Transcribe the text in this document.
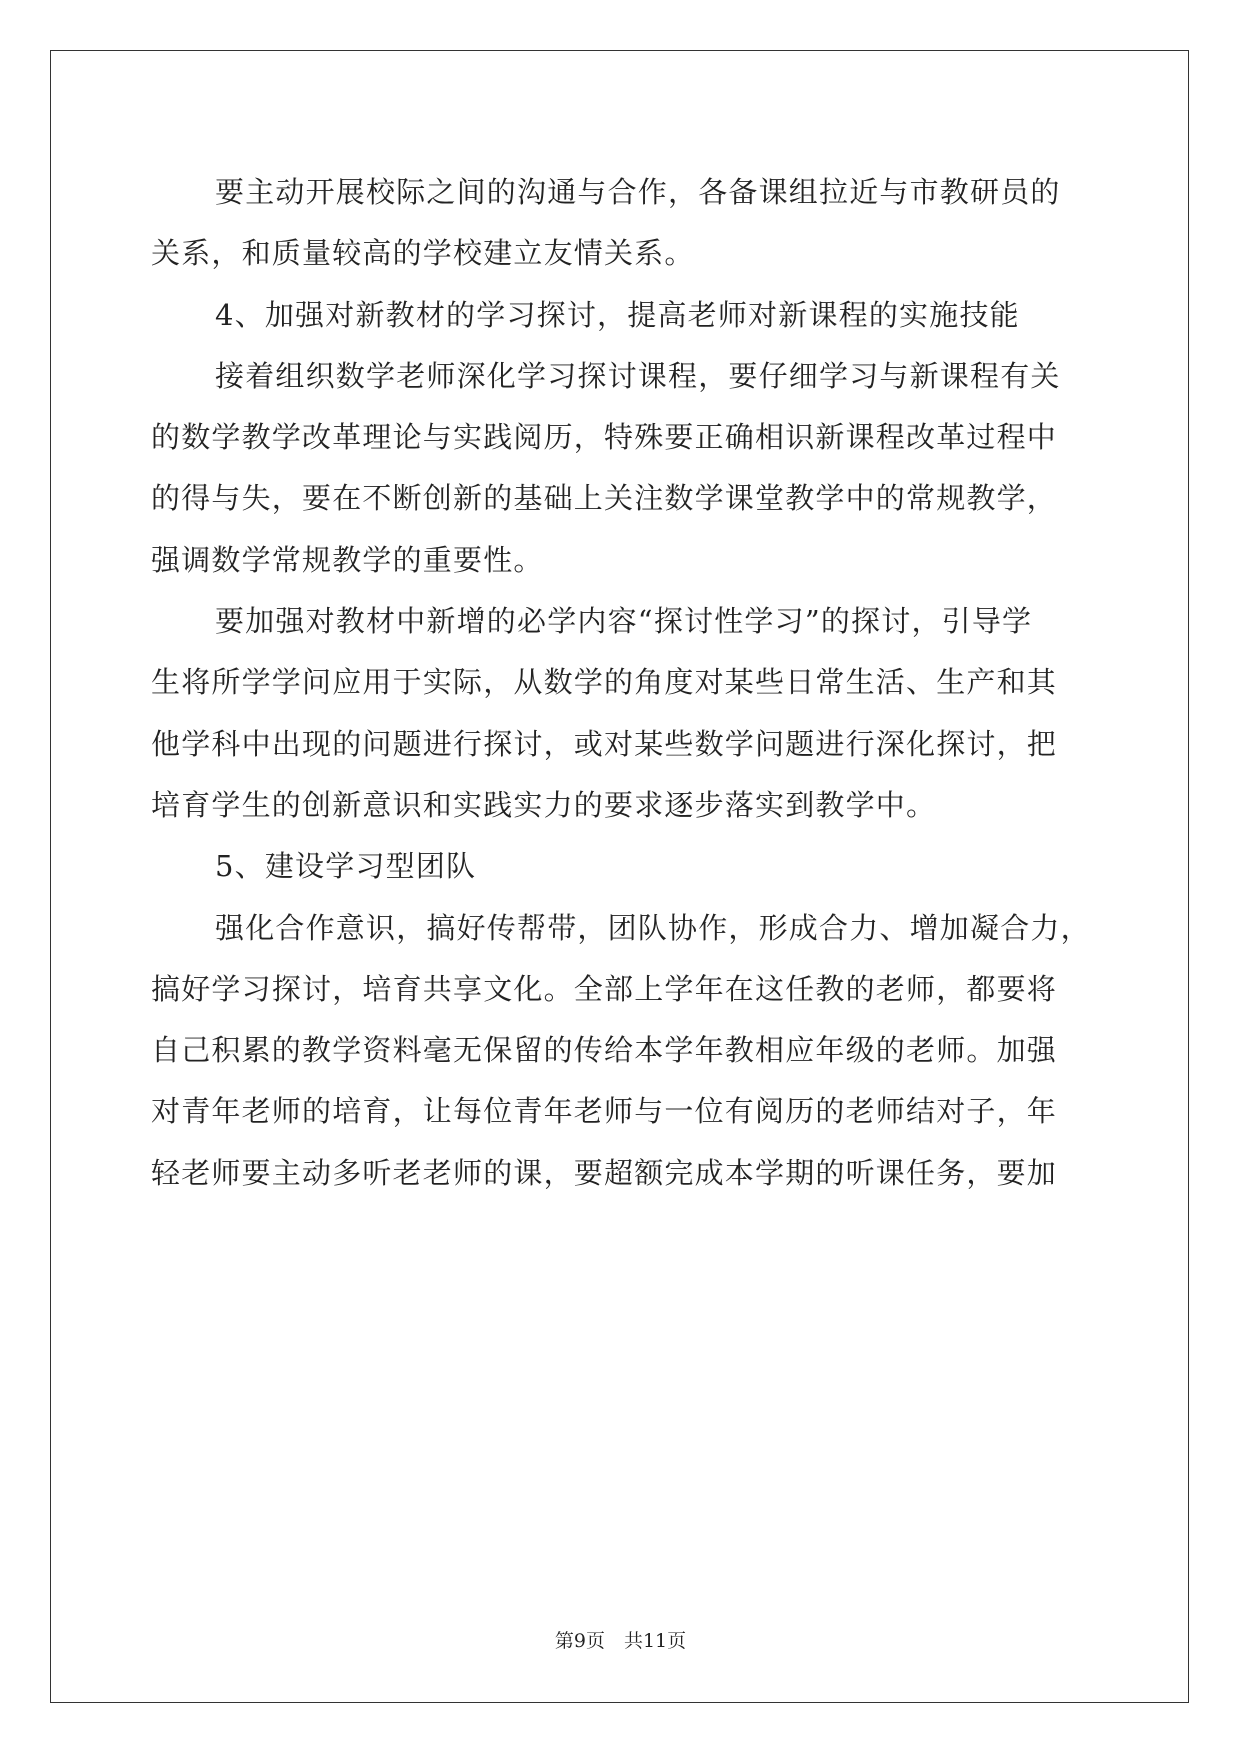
要主动开展校际之间的沟通与合作，各备课组拉近与市教研员的
关系，和质量较高的学校建立友情关系。
4、加强对新教材的学习探讨，提高老师对新课程的实施技能
接着组织数学老师深化学习探讨课程，要仔细学习与新课程有关
的数学教学改革理论与实践阅历，特殊要正确相识新课程改革过程中
的得与失，要在不断创新的基础上关注数学课堂教学中的常规教学，
强调数学常规教学的重要性。
要加强对教材中新增的必学内容“探讨性学习”的探讨，引导学
生将所学学问应用于实际，从数学的角度对某些日常生活、生产和其
他学科中出现的问题进行探讨，或对某些数学问题进行深化探讨，把
培育学生的创新意识和实践实力的要求逐步落实到教学中。
5、建设学习型团队
强化合作意识，搞好传帮带，团队协作，形成合力、增加凝合力，
搞好学习探讨，培育共享文化。全部上学年在这任教的老师，都要将
自己积累的教学资料毫无保留的传给本学年教相应年级的老师。加强
对青年老师的培育，让每位青年老师与一位有阅历的老师结对子，年
轻老师要主动多听老老师的课，要超额完成本学期的听课任务，要加
第9页　共11页
